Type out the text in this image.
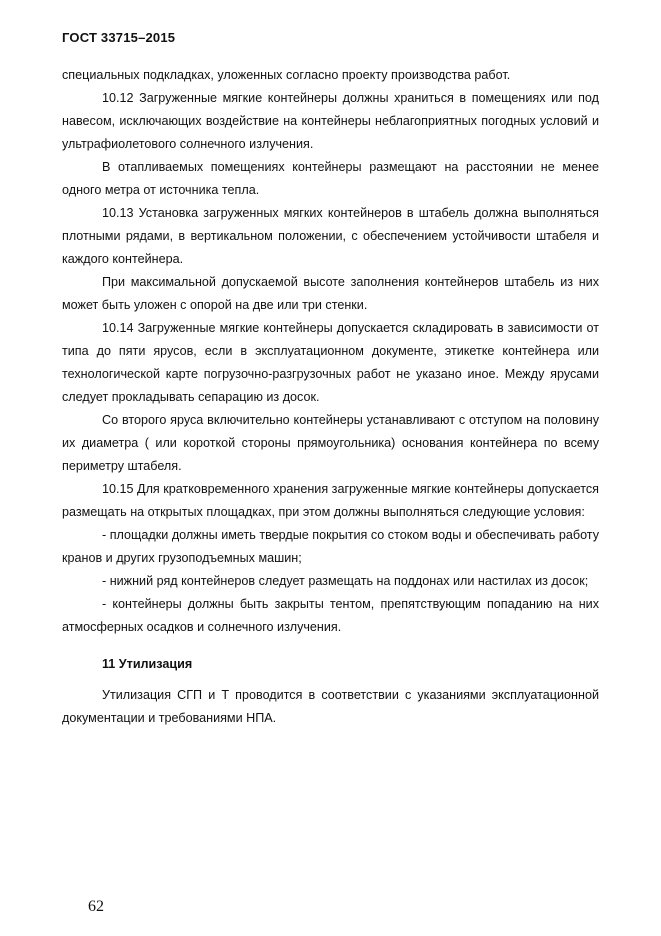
ГОСТ 33715–2015

специальных подкладках, уложенных согласно проекту производства работ.

10.12 Загруженные мягкие контейнеры должны храниться в помещениях или под навесом, исключающих воздействие на контейнеры неблагоприятных погодных условий и ультрафиолетового солнечного излучения.

В отапливаемых помещениях контейнеры размещают на расстоянии не менее одного метра от источника тепла.

10.13 Установка загруженных мягких контейнеров в штабель должна выполняться плотными рядами, в вертикальном положении, с обеспечением устойчивости штабеля и каждого контейнера.

При максимальной допускаемой высоте заполнения контейнеров штабель из них может быть уложен с опорой на две или три стенки.

10.14 Загруженные мягкие контейнеры допускается складировать в зависимости от типа до пяти ярусов, если в эксплуатационном документе, этикетке контейнера или технологической карте погрузочно-разгрузочных работ не указано иное. Между ярусами следует прокладывать сепарацию из досок.

Со второго яруса включительно контейнеры устанавливают с отступом на половину их диаметра ( или короткой стороны прямоугольника) основания контейнера по всему периметру штабеля.

10.15 Для кратковременного хранения загруженные мягкие контейнеры допускается размещать на открытых площадках, при этом должны выполняться следующие условия:

- площадки должны иметь твердые покрытия со стоком воды и обеспечивать работу кранов и других грузоподъемных машин;

- нижний ряд контейнеров следует размещать на поддонах или настилах из досок;

- контейнеры должны быть закрыты тентом, препятствующим попаданию на них атмосферных осадков и солнечного излучения.

11 Утилизация

Утилизация СГП и Т проводится в соответствии с указаниями эксплуатационной документации и требованиями НПА.

62
